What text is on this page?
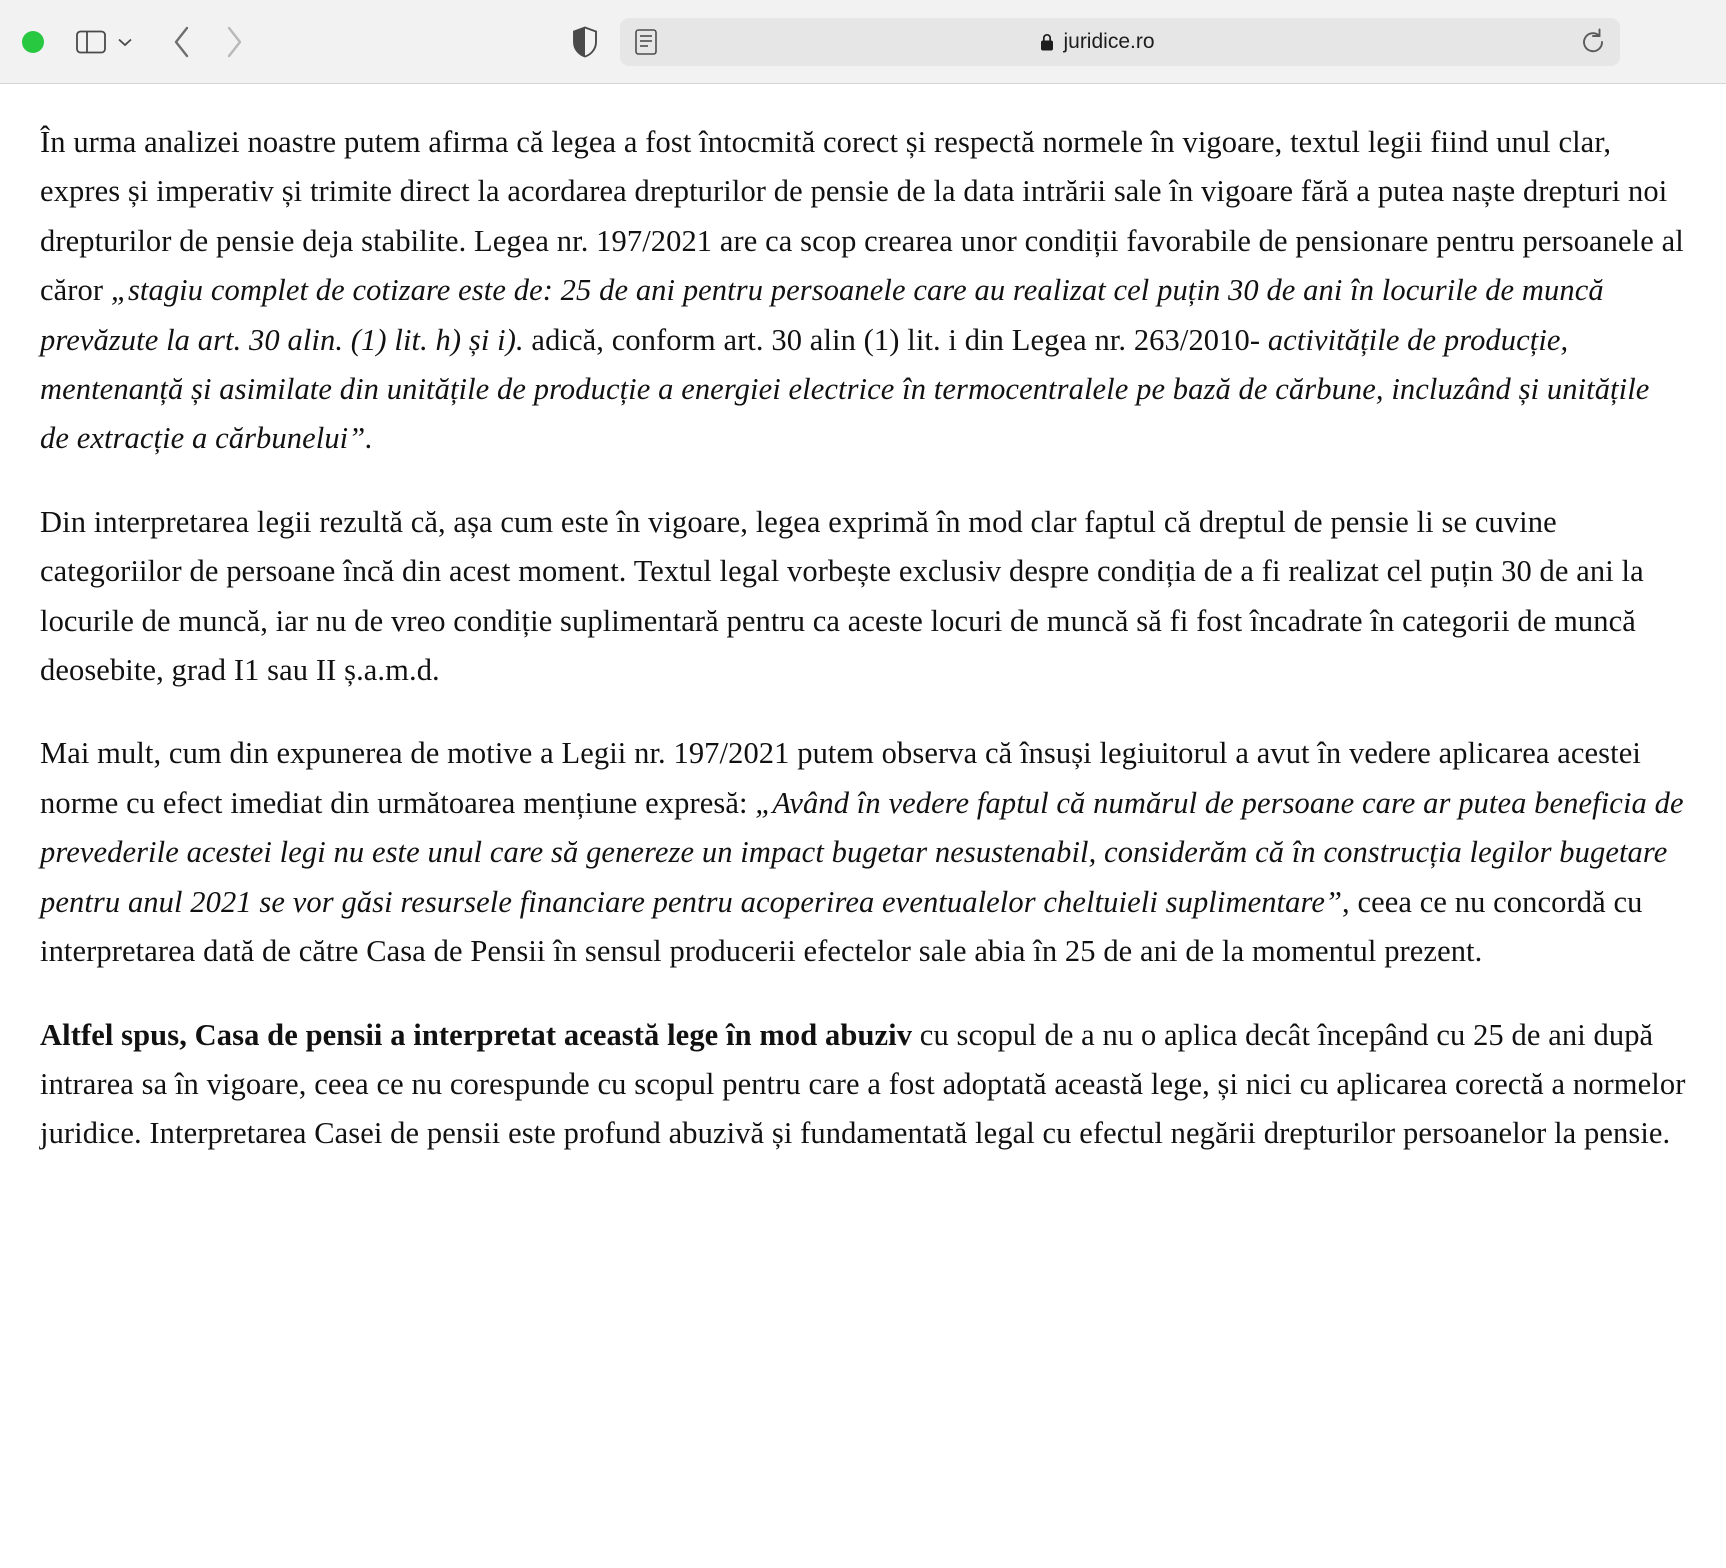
juridice.ro

În urma analizei noastre putem afirma că legea a fost întocmită corect și respectă normele în vigoare, textul legii fiind unul clar, expres și imperativ și trimite direct la acordarea drepturilor de pensie de la data intrării sale în vigoare fără a putea naște drepturi noi drepturilor de pensie deja stabilite. Legea nr. 197/2021 are ca scop crearea unor condiții favorabile de pensionare pentru persoanele al căror „stagiu complet de cotizare este de: 25 de ani pentru persoanele care au realizat cel puțin 30 de ani în locurile de muncă prevăzute la art. 30 alin. (1) lit. h) și i). adică, conform art. 30 alin (1) lit. i din Legea nr. 263/2010- activitățile de producție, mentenanță și asimilate din unitățile de producție a energiei electrice în termocentralele pe bază de cărbune, incluzând și unitățile de extracție a cărbunelui”.

Din interpretarea legii rezultă că, așa cum este în vigoare, legea exprimă în mod clar faptul că dreptul de pensie li se cuvine categoriilor de persoane încă din acest moment. Textul legal vorbește exclusiv despre condiția de a fi realizat cel puțin 30 de ani la locurile de muncă, iar nu de vreo condiție suplimentară pentru ca aceste locuri de muncă să fi fost încadrate în categorii de muncă deosebite, grad I1 sau II ș.a.m.d.

Mai mult, cum din expunerea de motive a Legii nr. 197/2021 putem observa că însuși legiuitorul a avut în vedere aplicarea acestei norme cu efect imediat din următoarea mențiune expresă: „Având în vedere faptul că numărul de persoane care ar putea beneficia de prevederile acestei legi nu este unul care să genereze un impact bugetar nesustenabil, considerăm că în construcția legilor bugetare pentru anul 2021 se vor găsi resursele financiare pentru acoperirea eventualelor cheltuieli suplimentare”, ceea ce nu concordă cu interpretarea dată de către Casa de Pensii în sensul producerii efectelor sale abia în 25 de ani de la momentul prezent.

Altfel spus, Casa de pensii a interpretat această lege în mod abuziv cu scopul de a nu o aplica decât începând cu 25 de ani după intrarea sa în vigoare, ceea ce nu corespunde cu scopul pentru care a fost adoptată această lege, și nici cu aplicarea corectă a normelor juridice. Interpretarea Casei de pensii este profund abuzivă și fundamentată legal cu efectul negării drepturilor persoanelor la pensie.
